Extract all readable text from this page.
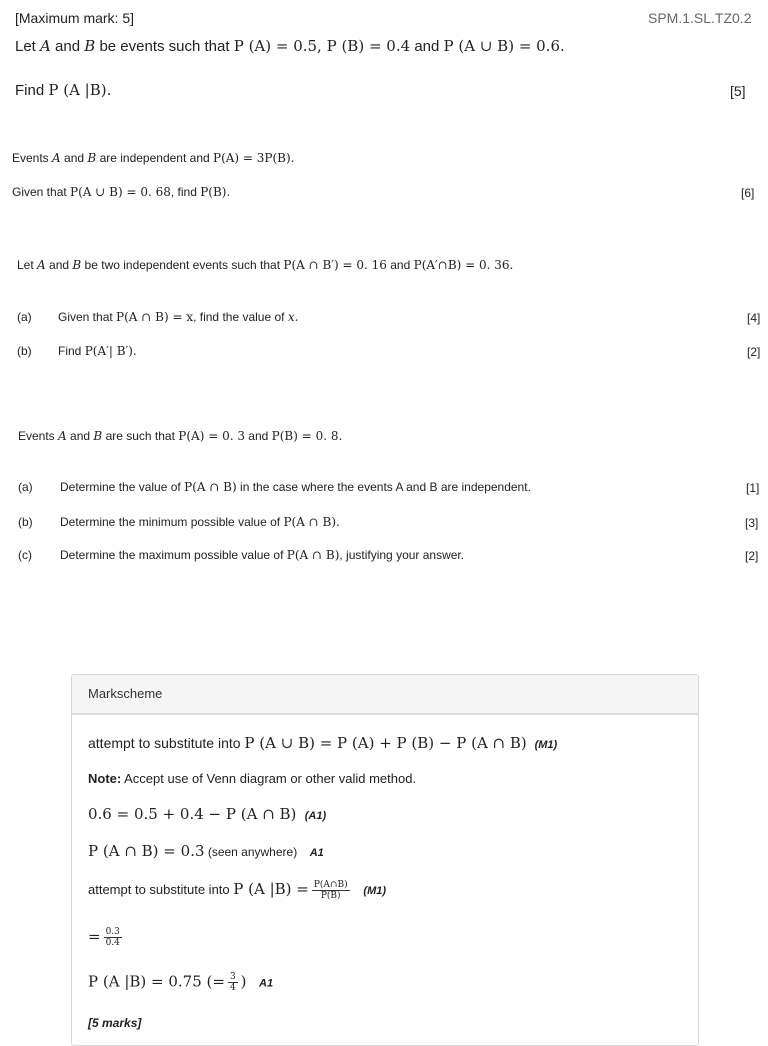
[Maximum mark: 5]	SPM.1.SL.TZ0.2
Let A and B be events such that P (A) = 0.5, P (B) = 0.4 and P (A ∪ B) = 0.6.
Find P (A |B).	[5]
Events A and B are independent and P(A) = 3P(B).
Given that P(A ∪ B) = 0. 68, find P(B).	[6]
Let A and B be two independent events such that P(A ∩ B′) = 0. 16 and P(A′∩B) = 0. 36.
(a) Given that P(A ∩ B) = x, find the value of x.	[4]
(b) Find P(A′| B′).	[2]
Events A and B are such that P(A) = 0. 3 and P(B) = 0. 8.
(a) Determine the value of P(A ∩ B) in the case where the events A and B are independent.	[1]
(b) Determine the minimum possible value of P(A ∩ B).	[3]
(c) Determine the maximum possible value of P(A ∩ B), justifying your answer.	[2]
Markscheme
attempt to substitute into P (A ∪ B) = P (A) + P (B) − P (A ∩ B) (M1)
Note: Accept use of Venn diagram or other valid method.
0.6 = 0.5 + 0.4 − P (A ∩ B) (A1)
P (A ∩ B) = 0.3 (seen anywhere) A1
attempt to substitute into P (A $|B) = \frac{P(A\cap B)}{P(B)} (M1)$
= $\frac{0.3}{0.4}$
P (A |B) = 0.75 (= $\frac{3}{4}$ ) A1
[5 marks]
